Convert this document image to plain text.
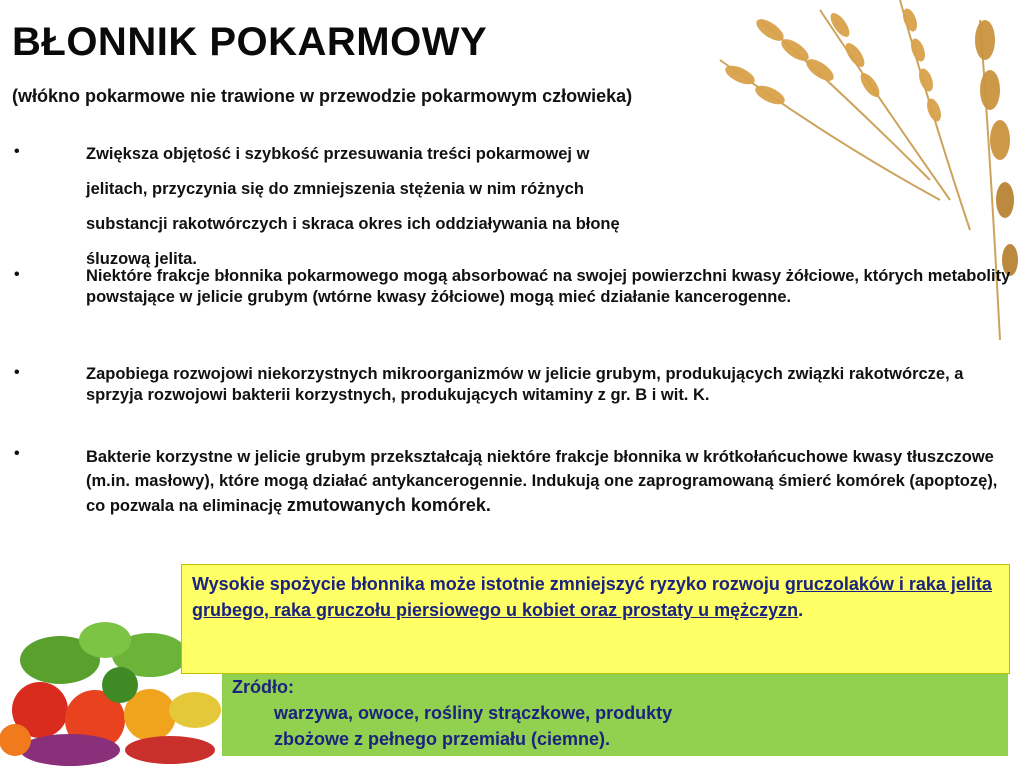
BŁONNIK POKARMOWY
(włókno pokarmowe nie trawione w przewodzie pokarmowym człowieka)
•	Zwiększa objętość i szybkość przesuwania treści pokarmowej w
jelitach, przyczynia się do zmniejszenia stężenia w nim różnych
substancji rakotwórczych i skraca okres ich oddziaływania na błonę
śluzową jelita.
•	Niektóre frakcje błonnika pokarmowego mogą absorbować na swojej powierzchni kwasy żółciowe, których metabolity powstające w jelicie grubym (wtórne kwasy żółciowe) mogą mieć działanie kancerogenne.
•	Zapobiega rozwojowi niekorzystnych mikroorganizmów w jelicie grubym, produkujących związki rakotwórcze, a sprzyja rozwojowi bakterii korzystnych, produkujących witaminy z gr. B i wit. K.
•	Bakterie korzystne w jelicie grubym przekształcają niektóre frakcje błonnika w krótkołańcuchowe kwasy tłuszczowe (m.in. masłowy), które mogą działać antykancerogennie. Indukują one zaprogramowaną śmierć komórek (apoptozę), co pozwala na eliminację zmutowanych komórek.
Zródło:
warzywa, owoce, rośliny strączkowe, produkty
zbożowe z pełnego przemiału (ciemne).
Wysokie spożycie błonnika może istotnie zmniejszyć ryzyko rozwoju gruczolaków i raka jelita grubego, raka gruczołu piersiowego u kobiet oraz prostaty u mężczyzn.
